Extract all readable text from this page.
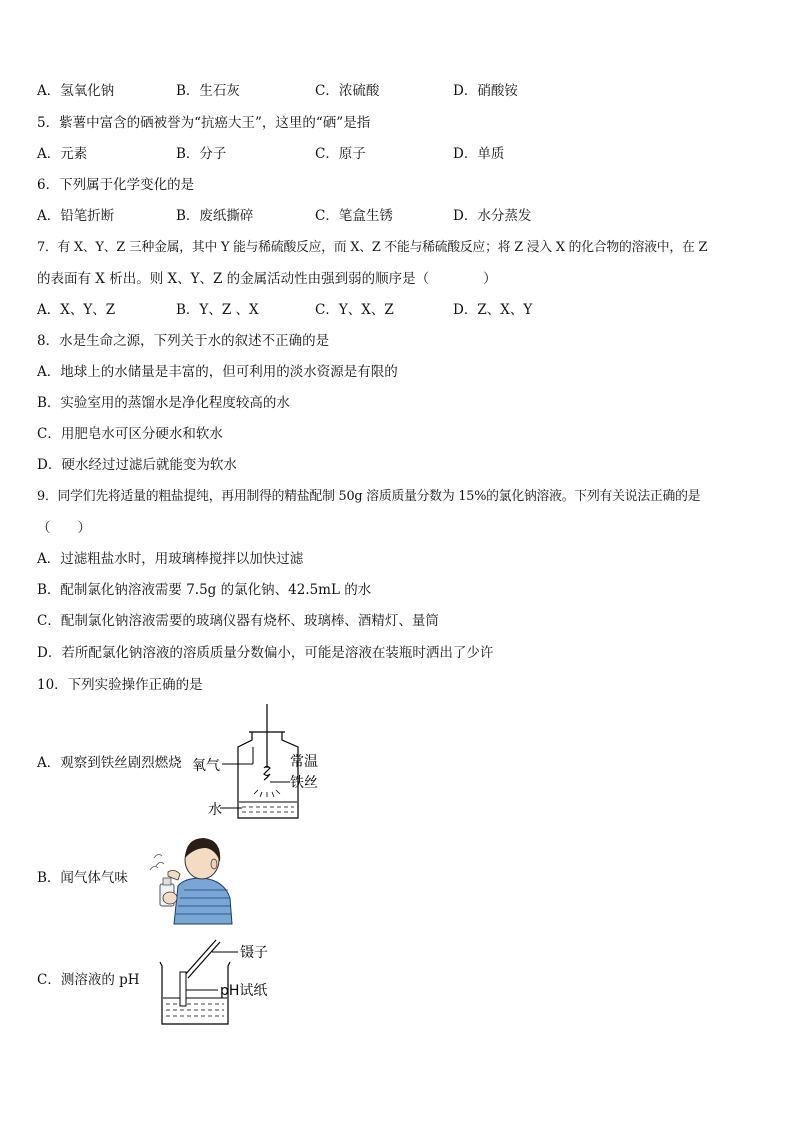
A．氢氧化钠	B．生石灰	C．浓硫酸	D．硝酸铵
5．紫薯中富含的硒被誉为“抗癌大王”，这里的“硒”是指
A．元素	B．分子	C．原子	D．单质
6．下列属于化学变化的是
A．铅笔折断	B．废纸撕碎	C．笔盒生锈	D．水分蒸发
7．有 X、Y、Z 三种金属，其中 Y 能与稀硫酸反应，而 X、Z 不能与稀硫酸反应；将 Z 浸入 X 的化合物的溶液中，在 Z
的表面有 X 析出。则 X、Y、Z 的金属活动性由强到弱的顺序是（　　　　）
A．X、Y、Z	B．Y、Z 、X	C．Y、X、Z	D．Z、X、Y
8．水是生命之源，下列关于水的叙述不正确的是
A．地球上的水储量是丰富的，但可利用的淡水资源是有限的
B．实验室用的蒸馏水是净化程度较高的水
C．用肥皂水可区分硬水和软水
D．硬水经过过滤后就能变为软水
9．同学们先将适量的粗盐提纯，再用制得的精盐配制 50g 溶质质量分数为 15%的氯化钠溶液。下列有关说法正确的是
（　　）
A．过滤粗盐水时，用玻璃棒搅拌以加快过滤
B．配制氯化钠溶液需要 7.5g 的氯化钠、42.5mL 的水
C．配制氯化钠溶液需要的玻璃仪器有烧杯、玻璃棒、酒精灯、量筒
D．若所配氯化钠溶液的溶质质量分数偏小，可能是溶液在装瓶时洒出了少许
10．下列实验操作正确的是
A．观察到铁丝剧烈燃烧 氧气
水
常温
铁丝
B．闻气体气味
C．测溶液的 pH
镊子
pH试纸
